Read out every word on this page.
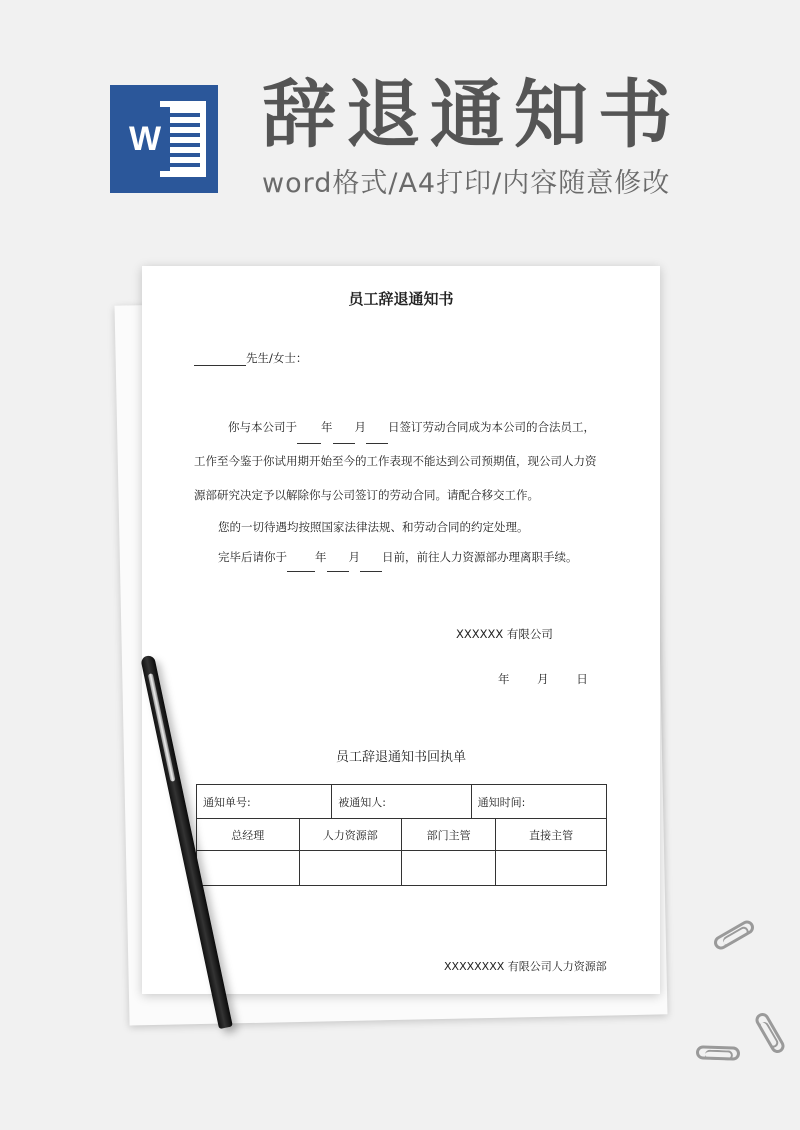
W 辞退通知书
word格式/A4打印/内容随意修改
员工辞退通知书
先生/女士：

你与本公司于 年 月 日签订劳动合同成为本公司的合法员工，

工作至今鉴于你试用期开始至今的工作表现不能达到公司预期值，现公司人力资

源部研究决定予以解除你与公司签订的劳动合同。请配合移交工作。

您的一切待遇均按照国家法律法规、和劳动合同的约定处理。

完毕后请你于 年 月 日前，前往人力资源部办理离职手续。

XXXXXX 有限公司
年 月 日
员工辞退通知书回执单
通知单号:		被通知人:		通知时间:	
总经理	人力资源部		部门主管		直接主管

XXXXXXXX 有限公司人力资源部
